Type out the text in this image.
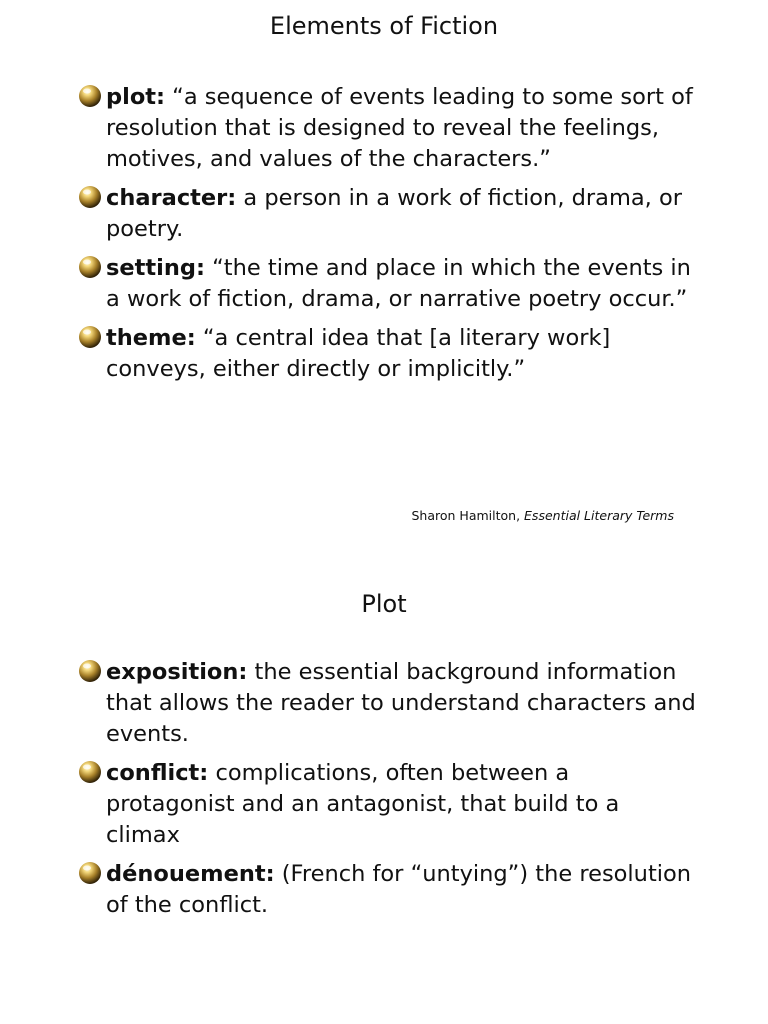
Elements of Fiction
plot: “a sequence of events leading to some sort of resolution that is designed to reveal the feelings, motives, and values of the characters.”
character: a person in a work of fiction, drama, or poetry.
setting: “the time and place in which the events in a work of fiction, drama, or narrative poetry occur.”
theme: “a central idea that [a literary work] conveys, either directly or implicitly.”
Sharon Hamilton, Essential Literary Terms
Plot
exposition: the essential background information that allows the reader to understand characters and events.
conflict: complications, often between a protagonist and an antagonist, that build to a climax
dénouement: (French for “untying”) the resolution of the conflict.
